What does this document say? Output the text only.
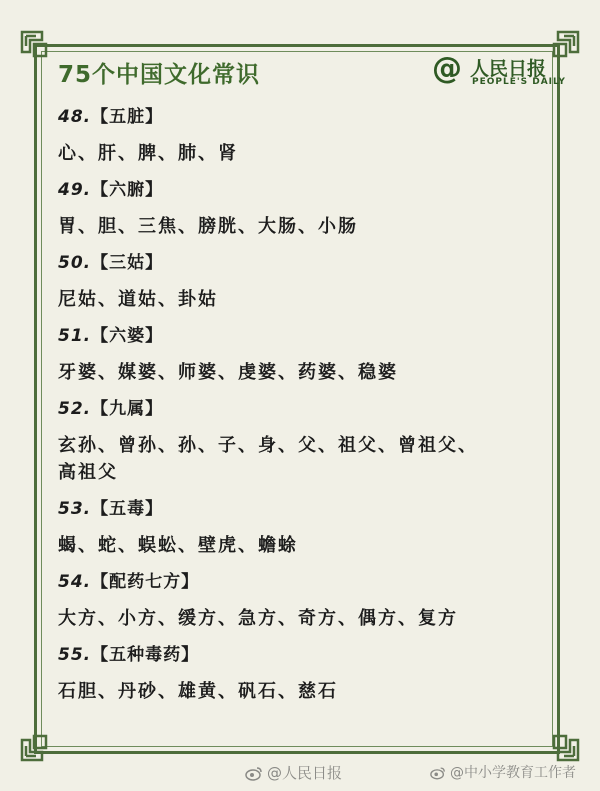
75个中国文化常识	@ 人民日报
PEOPLE'S DAILY
48.【五脏】
心、肝、脾、肺、肾
49.【六腑】
胃、胆、三焦、膀胱、大肠、小肠
50.【三姑】
尼姑、道姑、卦姑
51.【六婆】
牙婆、媒婆、师婆、虔婆、药婆、稳婆
52.【九属】
玄孙、曾孙、孙、子、身、父、祖父、曾祖父、
高祖父
53.【五毒】
蝎、蛇、蜈蚣、壁虎、蟾蜍
54.【配药七方】
大方、小方、缓方、急方、奇方、偶方、复方
55.【五种毒药】
石胆、丹砂、雄黄、矾石、慈石
@人民日报	@中小学教育工作者
